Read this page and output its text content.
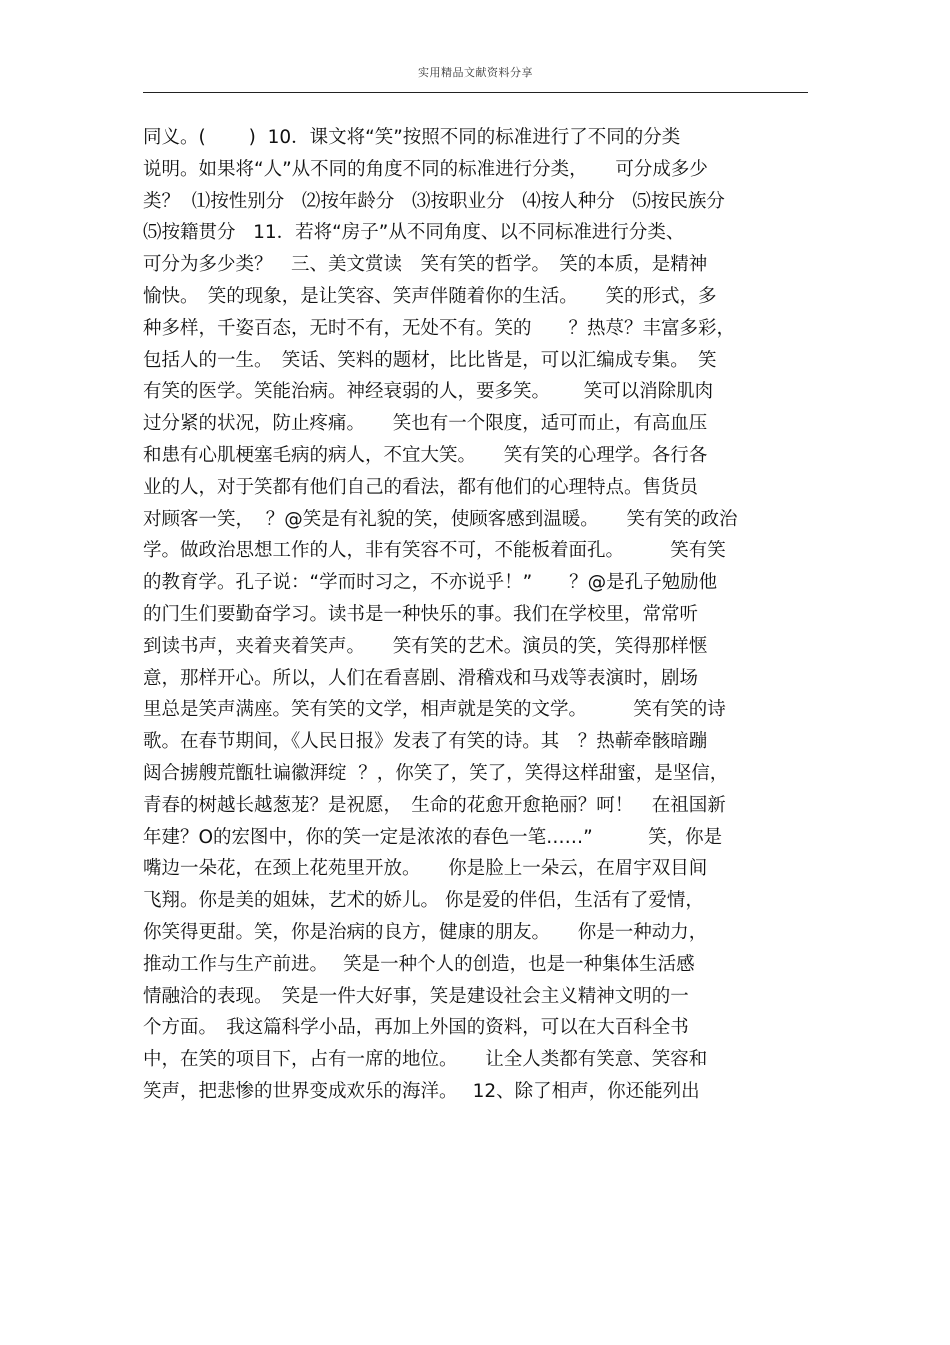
实用精品文献资料分享
同义。(　　 )  10．课文将“笑”按照不同的标准进行了不同的分类
说明。如果将“人”从不同的角度不同的标准进行分类，　　可分成多少
类？  ⑴按性别分   ⑵按年龄分   ⑶按职业分   ⑷按人种分   ⑸按民族分
⑸按籍贯分   11．若将“房子”从不同角度、以不同标准进行分类、
可分为多少类？　三、美文赏读　笑有笑的哲学。　笑的本质，是精神
愉快。　笑的现象，是让笑容、笑声伴随着你的生活。　　笑的形式，多
种多样，千姿百态，无时不有，无处不有。笑的　　？热荩？丰富多彩，
包括人的一生。　笑话、笑料的题材，比比皆是，可以汇编成专集。　笑
有笑的医学。笑能治病。神经衰弱的人，要多笑。　　 笑可以消除肌肉
过分紧的状况，防止疼痛。　　笑也有一个限度，适可而止，有高血压
和患有心肌梗塞毛病的病人，不宜大笑。　　笑有笑的心理学。各行各
业的人，对于笑都有他们自己的看法，都有他们的心理特点。售货员
对顾客一笑，  ？@笑是有礼貌的笑，使顾客感到温暖。　　笑有笑的政治
学。做政治思想工作的人，非有笑容不可，不能板着面孔。　　　笑有笑
的教育学。孔子说：“学而时习之，不亦说乎！”　　？@是孔子勉励他
的门生们要勤奋学习。读书是一种快乐的事。我们在学校里，常常听
到读书声，夹着夹着笑声。　　笑有笑的艺术。演员的笑，笑得那样惬
意，那样开心。所以，人们在看喜剧、滑稽戏和马戏等表演时，剧场
里总是笑声满座。笑有笑的文学，相声就是笑的文学。　　　笑有笑的诗
歌。在春节期间，《人民日报》发表了有笑的诗。其　？热蕲牵骸暗蹦
闼合掳艘荒甑牡谝徽湃绽  ？，你笑了，笑了，笑得这样甜蜜，是坚信，
青春的树越长越葱茏？是祝愿，　生命的花愈开愈艳丽？呵！　在祖国新
年建？O的宏图中，你的笑一定是浓浓的春色一笔……”　　　笑，你是
嘴边一朵花，在颈上花苑里开放。　　你是脸上一朵云，在眉宇双目间
飞翔。你是美的姐妹，艺术的娇儿。 你是爱的伴侣，生活有了爱情，
你笑得更甜。笑，你是治病的良方，健康的朋友。　　你是一种动力，
推动工作与生产前进。　 笑是一种个人的创造，也是一种集体生活感
情融洽的表现。　笑是一件大好事，笑是建设社会主义精神文明的一
个方面。　我这篇科学小品，再加上外国的资料，可以在大百科全书
中，在笑的项目下，占有一席的地位。　　让全人类都有笑意、笑容和
笑声，把悲惨的世界变成欢乐的海洋。　 12、除了相声，你还能列出
